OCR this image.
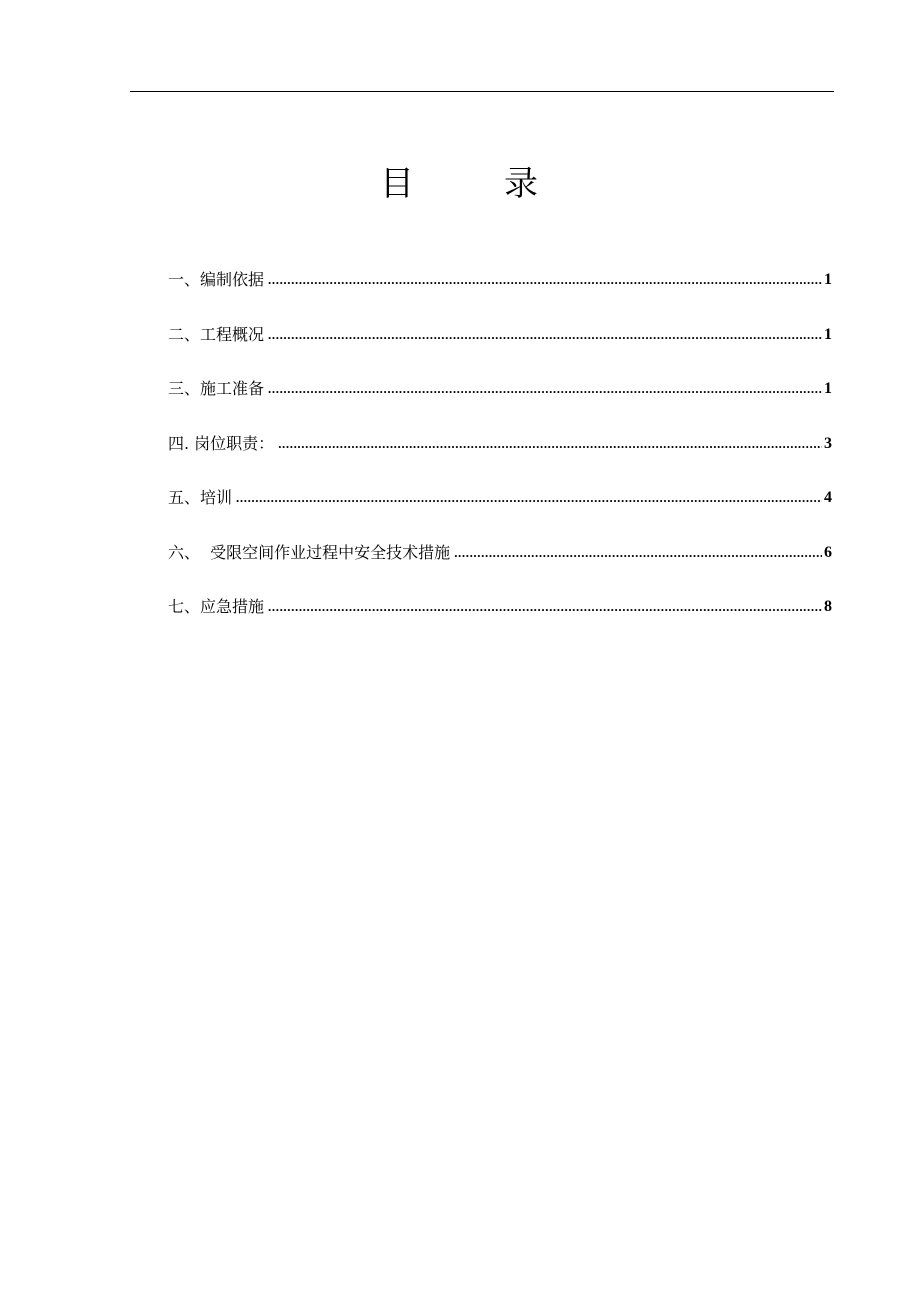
目	录
一、编制依据 .....	1
二、工程概况 .....	1
三、施工准备 .....	1
四. 岗位职责： .....	3
五、培训 .....	4
六、  受限空间作业过程中安全技术措施 .....	6
七、应急措施 .....	8
